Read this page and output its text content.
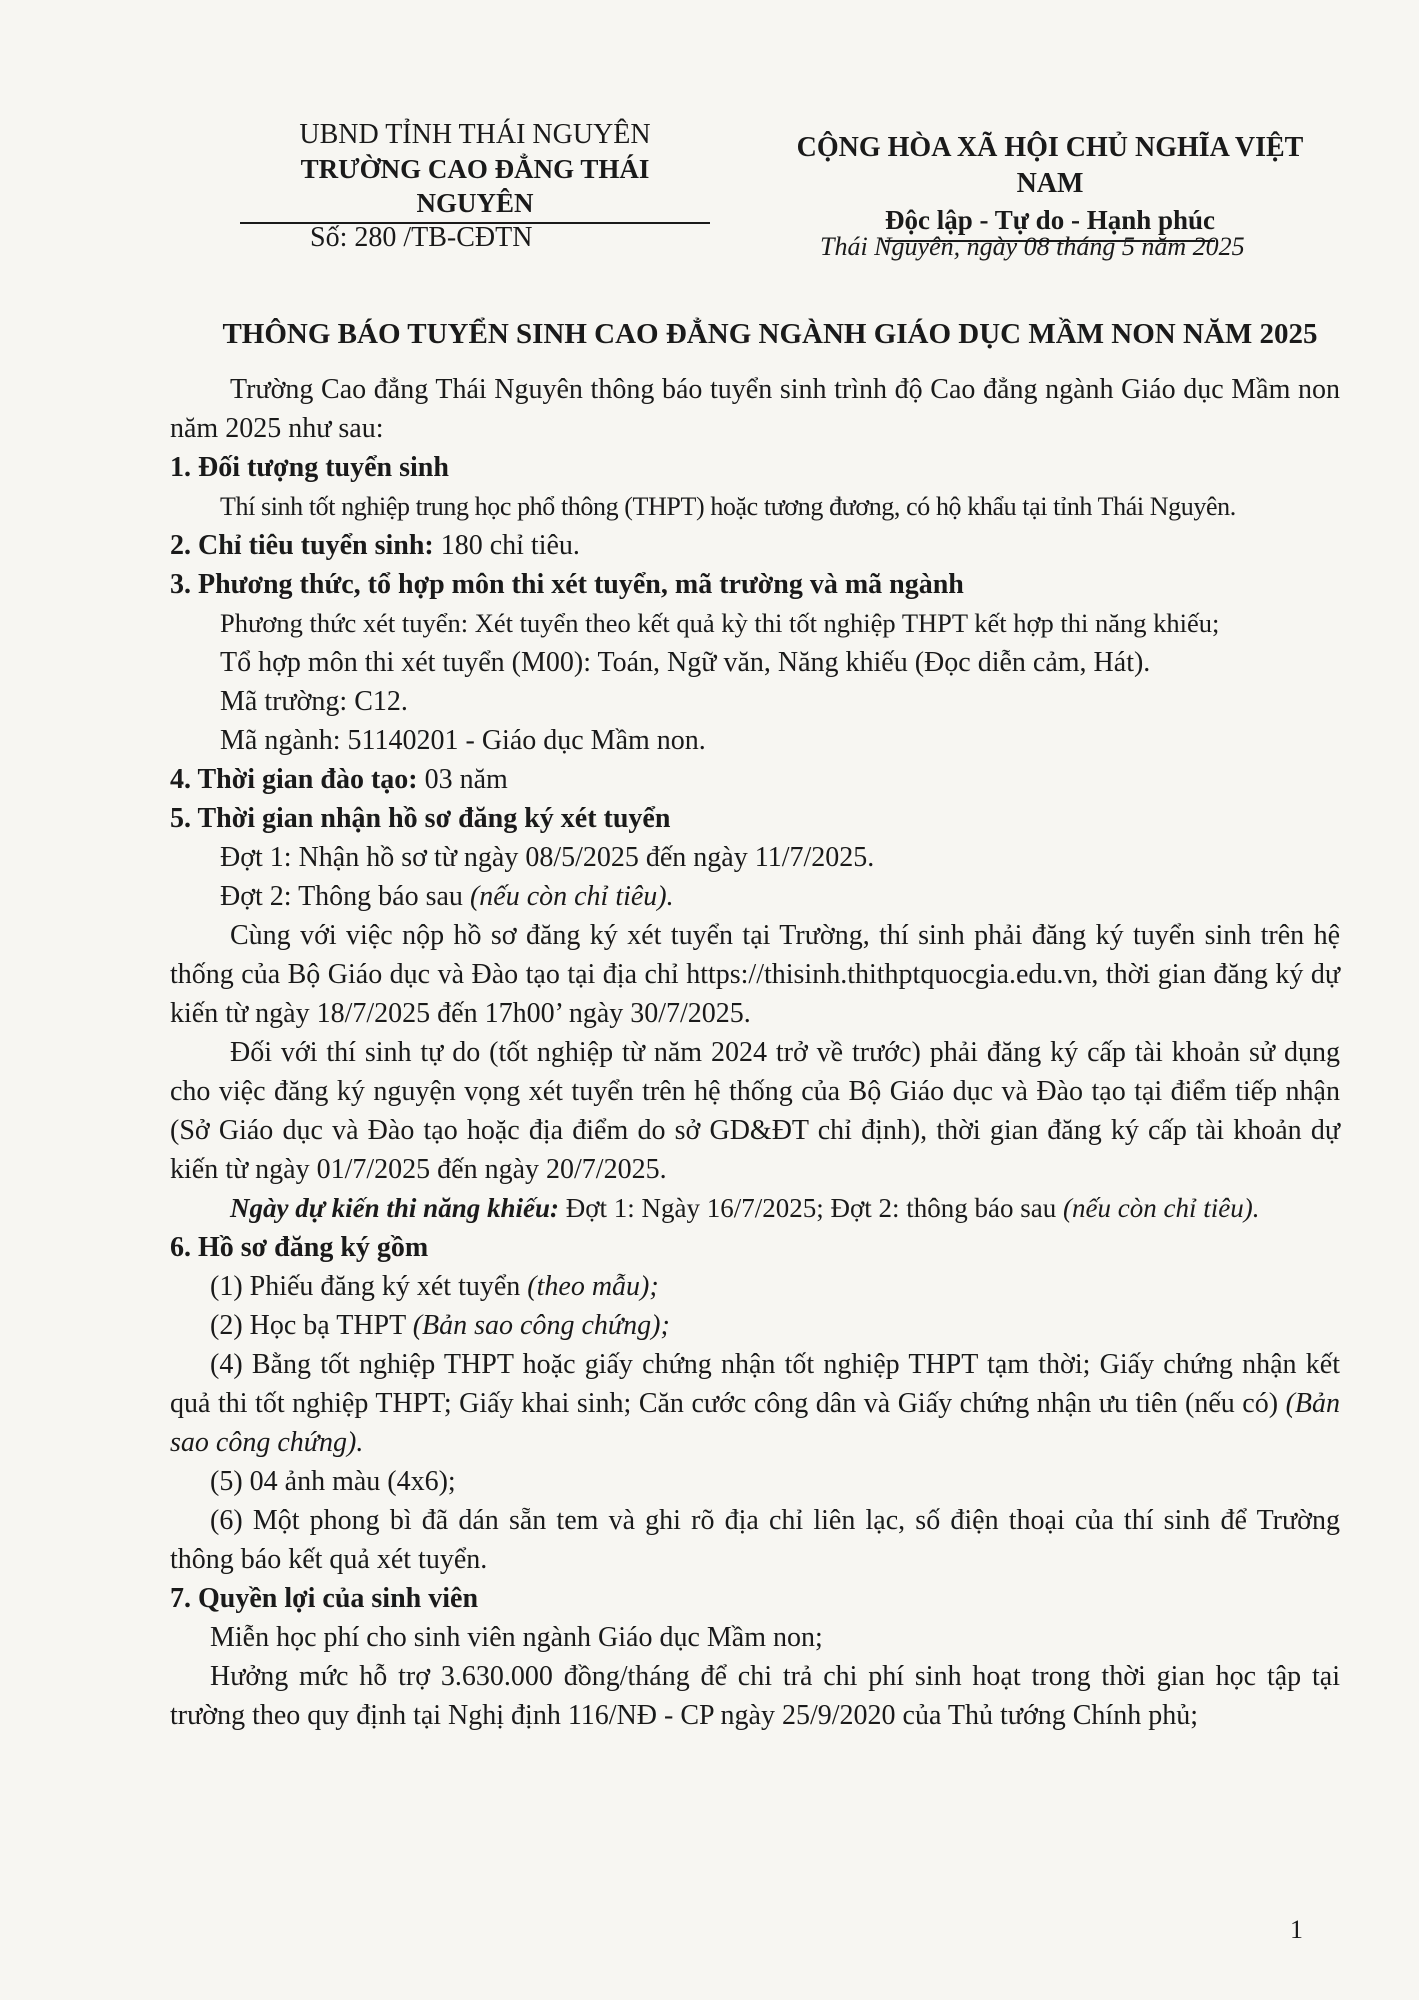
UBND TỈNH THÁI NGUYÊN
TRƯỜNG CAO ĐẲNG THÁI NGUYÊN
CỘNG HÒA XÃ HỘI CHỦ NGHĨA VIỆT NAM
Độc lập - Tự do - Hạnh phúc
Số: 280 /TB-CĐTN	Thái Nguyên, ngày 08 tháng 5 năm 2025
THÔNG BÁO TUYỂN SINH CAO ĐẲNG NGÀNH GIÁO DỤC MẦM NON NĂM 2025

Trường Cao đẳng Thái Nguyên thông báo tuyển sinh trình độ Cao đẳng ngành Giáo dục Mầm non năm 2025 như sau:

1. Đối tượng tuyển sinh

Thí sinh tốt nghiệp trung học phổ thông (THPT) hoặc tương đương, có hộ khẩu tại tỉnh Thái Nguyên.

2. Chỉ tiêu tuyển sinh: 180 chỉ tiêu.

3. Phương thức, tổ hợp môn thi xét tuyển, mã trường và mã ngành

Phương thức xét tuyển: Xét tuyển theo kết quả kỳ thi tốt nghiệp THPT kết hợp thi năng khiếu;

Tổ hợp môn thi xét tuyển (M00): Toán, Ngữ văn, Năng khiếu (Đọc diễn cảm, Hát).

Mã trường: C12.

Mã ngành: 51140201 - Giáo dục Mầm non.

4. Thời gian đào tạo: 03 năm

5. Thời gian nhận hồ sơ đăng ký xét tuyển

Đợt 1: Nhận hồ sơ từ ngày 08/5/2025 đến ngày 11/7/2025.

Đợt 2: Thông báo sau (nếu còn chỉ tiêu).

Cùng với việc nộp hồ sơ đăng ký xét tuyển tại Trường, thí sinh phải đăng ký tuyển sinh trên hệ thống của Bộ Giáo dục và Đào tạo tại địa chỉ https://thisinh.thithptquocgia.edu.vn, thời gian đăng ký dự kiến từ ngày 18/7/2025 đến 17h00’ ngày 30/7/2025.

Đối với thí sinh tự do (tốt nghiệp từ năm 2024 trở về trước) phải đăng ký cấp tài khoản sử dụng cho việc đăng ký nguyện vọng xét tuyển trên hệ thống của Bộ Giáo dục và Đào tạo tại điểm tiếp nhận (Sở Giáo dục và Đào tạo hoặc địa điểm do sở GD&ĐT chỉ định), thời gian đăng ký cấp tài khoản dự kiến từ ngày 01/7/2025 đến ngày 20/7/2025.

Ngày dự kiến thi năng khiếu: Đợt 1: Ngày 16/7/2025; Đợt 2: thông báo sau (nếu còn chỉ tiêu).

6. Hồ sơ đăng ký gồm

(1) Phiếu đăng ký xét tuyển (theo mẫu);

(2) Học bạ THPT (Bản sao công chứng);

(4) Bằng tốt nghiệp THPT hoặc giấy chứng nhận tốt nghiệp THPT tạm thời; Giấy chứng nhận kết quả thi tốt nghiệp THPT; Giấy khai sinh; Căn cước công dân và Giấy chứng nhận ưu tiên (nếu có) (Bản sao công chứng).

(5) 04 ảnh màu (4x6);

(6) Một phong bì đã dán sẵn tem và ghi rõ địa chỉ liên lạc, số điện thoại của thí sinh để Trường thông báo kết quả xét tuyển.

7. Quyền lợi của sinh viên

Miễn học phí cho sinh viên ngành Giáo dục Mầm non;

Hưởng mức hỗ trợ 3.630.000 đồng/tháng để chi trả chi phí sinh hoạt trong thời gian học tập tại trường theo quy định tại Nghị định 116/NĐ - CP ngày 25/9/2020 của Thủ tướng Chính phủ;

1
